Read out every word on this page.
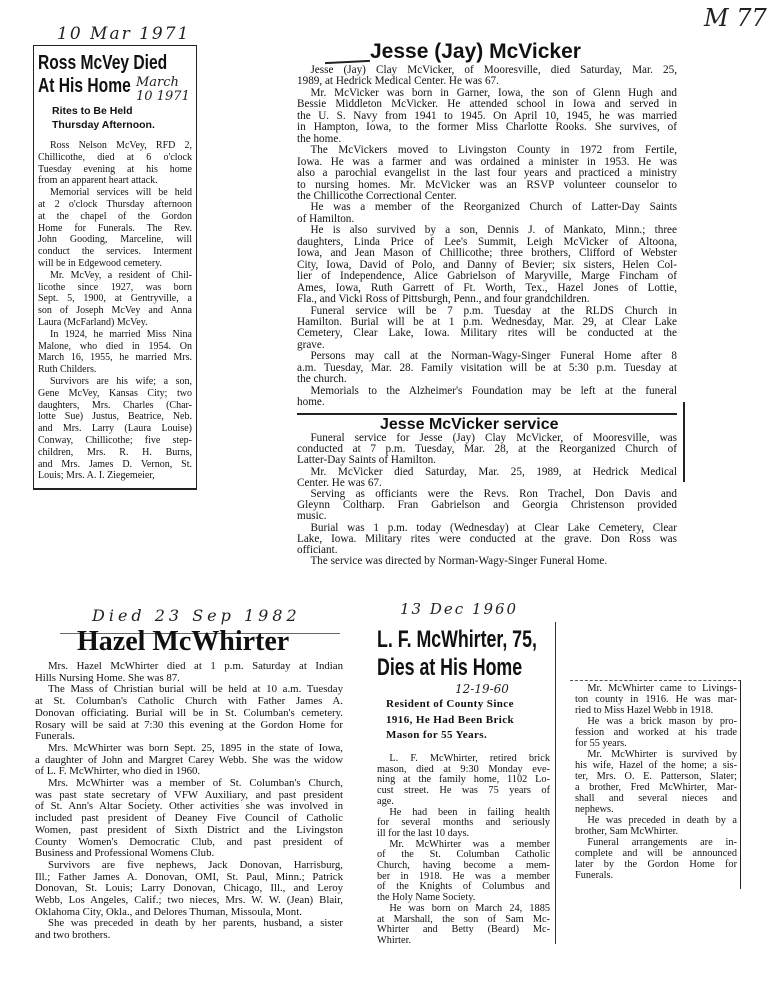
M 77
10 Mar 1971
Ross McVey Died
At His Home March
10 1971
Rites to Be Held
Thursday Afternoon.
Ross Nelson McVey, RFD 2,
Chillicothe, died at 6 o'clock
Tuesday evening at his home
from an apparent heart attack.
Memorial services will be held
at 2 o'clock Thursday afternoon
at the chapel of the Gordon
Home for Funerals. The Rev.
John Gooding, Marceline, will
conduct the services. Interment
will be in Edgewood cemetery.
Mr. McVey, a resident of Chil-
licothe since 1927, was born
Sept. 5, 1900, at Gentryville, a
son of Joseph McVey and Anna
Laura (McFarland) McVey.
In 1924, he married Miss Nina
Malone, who died in 1954. On
March 16, 1955, he married Mrs.
Ruth Childers.
Survivors are his wife; a son,
Gene McVey, Kansas City; two
daughters, Mrs. Charles (Char-
lotte Sue) Justus, Beatrice, Neb.
and Mrs. Larry (Laura Louise)
Conway, Chillicothe; five step-
children, Mrs. R. H. Burns,
and Mrs. James D. Vernon, St.
Louis; Mrs. A. I. Ziegemeier,
Jesse (Jay) McVicker
Jesse (Jay) Clay McVicker, of Mooresville, died Saturday, Mar. 25,
1989, at Hedrick Medical Center. He was 67.
Mr. McVicker was born in Garner, Iowa, the son of Glenn Hugh and
Bessie Middleton McVicker. He attended school in Iowa and served in
the U. S. Navy from 1941 to 1945. On April 10, 1945, he was married
in Hampton, Iowa, to the former Miss Charlotte Rooks. She survives, of
the home.
The McVickers moved to Livingston County in 1972 from Fertile,
Iowa. He was a farmer and was ordained a minister in 1953. He was
also a parochial evangelist in the last four years and practiced a ministry
to nursing homes. Mr. McVicker was an RSVP volunteer counselor to
the Chillicothe Correctional Center.
He was a member of the Reorganized Church of Latter-Day Saints
of Hamilton.
He is also survived by a son, Dennis J. of Mankato, Minn.; three
daughters, Linda Price of Lee's Summit, Leigh McVicker of Altoona,
Iowa, and Jean Mason of Chillicothe; three brothers, Clifford of Webster
City, Iowa, David of Polo, and Danny of Bevier; six sisters, Helen Col-
lier of Independence, Alice Gabrielson of Maryville, Marge Fincham of
Ames, Iowa, Ruth Garrett of Ft. Worth, Tex., Hazel Jones of Lottie,
Fla., and Vicki Ross of Pittsburgh, Penn., and four grandchildren.
Funeral service will be 7 p.m. Tuesday at the RLDS Church in
Hamilton. Burial will be at 1 p.m. Wednesday, Mar. 29, at Clear Lake
Cemetery, Clear Lake, Iowa. Military rites will be conducted at the
grave.
Persons may call at the Norman-Wagy-Singer Funeral Home after 8
a.m. Tuesday, Mar. 28. Family visitation will be at 5:30 p.m. Tuesday at
the church.
Memorials to the Alzheimer's Foundation may be left at the funeral
home.
Jesse McVicker service
Funeral service for Jesse (Jay) Clay McVicker, of Mooresville, was
conducted at 7 p.m. Tuesday, Mar. 28, at the Reorganized Church of
Latter-Day Saints of Hamilton.
Mr. McVicker died Saturday, Mar. 25, 1989, at Hedrick Medical
Center. He was 67.
Serving as officiants were the Revs. Ron Trachel, Don Davis and
Gleynn Coltharp. Fran Gabrielson and Georgia Christenson provided
music.
Burial was 1 p.m. today (Wednesday) at Clear Lake Cemetery, Clear
Lake, Iowa. Military rites were conducted at the grave. Don Ross was
officiant.
The service was directed by Norman-Wagy-Singer Funeral Home.
Died 23 Sep 1982
Hazel McWhirter
Mrs. Hazel McWhirter died at 1 p.m. Saturday at Indian
Hills Nursing Home. She was 87.
The Mass of Christian burial will be held at 10 a.m. Tuesday
at St. Columban's Catholic Church with Father James A.
Donovan officiating. Burial will be in St. Columban's cemetery.
Rosary will be said at 7:30 this evening at the Gordon Home for
Funerals.
Mrs. McWhirter was born Sept. 25, 1895 in the state of Iowa,
a daughter of John and Margret Carey Webb. She was the widow
of L. F. McWhirter, who died in 1960.
Mrs. McWhirter was a member of St. Columban's Church,
was past state secretary of VFW Auxiliary, and past president
of St. Ann's Altar Society. Other activities she was involved in
included past president of Deaney Five Council of Catholic
Women, past president of Sixth District and the Livingston
County Women's Democratic Club, and past president of
Business and Professional Womens Club.
Survivors are five nephews, Jack Donovan, Harrisburg,
Ill.; Father James A. Donovan, OMI, St. Paul, Minn.; Patrick
Donovan, St. Louis; Larry Donovan, Chicago, Ill., and Leroy
Webb, Los Angeles, Calif.; two nieces, Mrs. W. W. (Jean) Blair,
Oklahoma City, Okla., and Delores Thuman, Missoula, Mont.
She was preceded in death by her parents, husband, a sister
and two brothers.
13 Dec 1960
L. F. McWhirter, 75,
Dies at His Home
12-19-60
Resident of County Since
1916, He Had Been Brick
Mason for 55 Years.
L. F. McWhirter, retired brick
mason, died at 9:30 Monday eve-
ning at the family home, 1102 Lo-
cust street. He was 75 years of
age.
He had been in failing health
for several months and seriously
ill for the last 10 days.
Mr. McWhirter was a member
of the St. Columban Catholic
Church, having become a mem-
ber in 1918. He was a member
of the Knights of Columbus and
the Holy Name Society.
He was born on March 24, 1885
at Marshall, the son of Sam Mc-
Whirter and Betty (Beard) Mc-
Whirter.
Mr. McWhirter came to Livings-
ton county in 1916. He was mar-
ried to Miss Hazel Webb in 1918.
He was a brick mason by pro-
fession and worked at his trade
for 55 years.
Mr. McWhirter is survived by
his wife, Hazel of the home; a sis-
ter, Mrs. O. E. Patterson, Slater;
a brother, Fred McWhirter, Mar-
shall and several nieces and
nephews.
He was preceded in death by a
brother, Sam McWhirter.
Funeral arrangements are in-
complete and will be announced
later by the Gordon Home for
Funerals.
